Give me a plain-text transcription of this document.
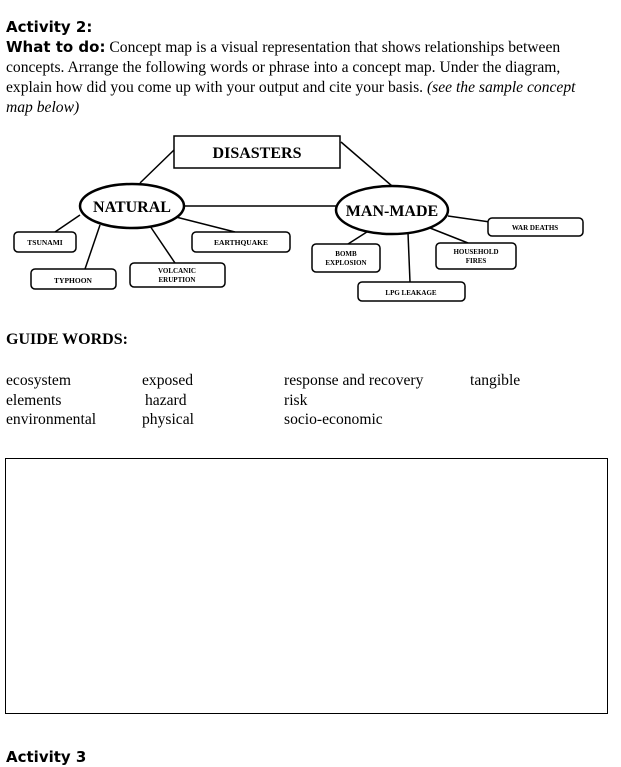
Activity 2:
What to do: Concept map is a visual representation that shows relationships between concepts. Arrange the following words or phrase into a concept map. Under the diagram, explain how did you come up with your output and cite your basis. (see the sample concept map below)
DISASTERS
NATURAL	MAN-MADE
TSUNAMI	EARTHQUAKE
TYPHOON
VOLCANIC
ERUPTION
WAR DEATHS
BOMB
EXPLOSION
HOUSEHOLD
FIRES
LPG LEAKAGE
GUIDE WORDS:
ecosystem
elements
environmental
exposed
hazard
physical
response and recovery
risk
socio-economic
tangible
Activity 3
